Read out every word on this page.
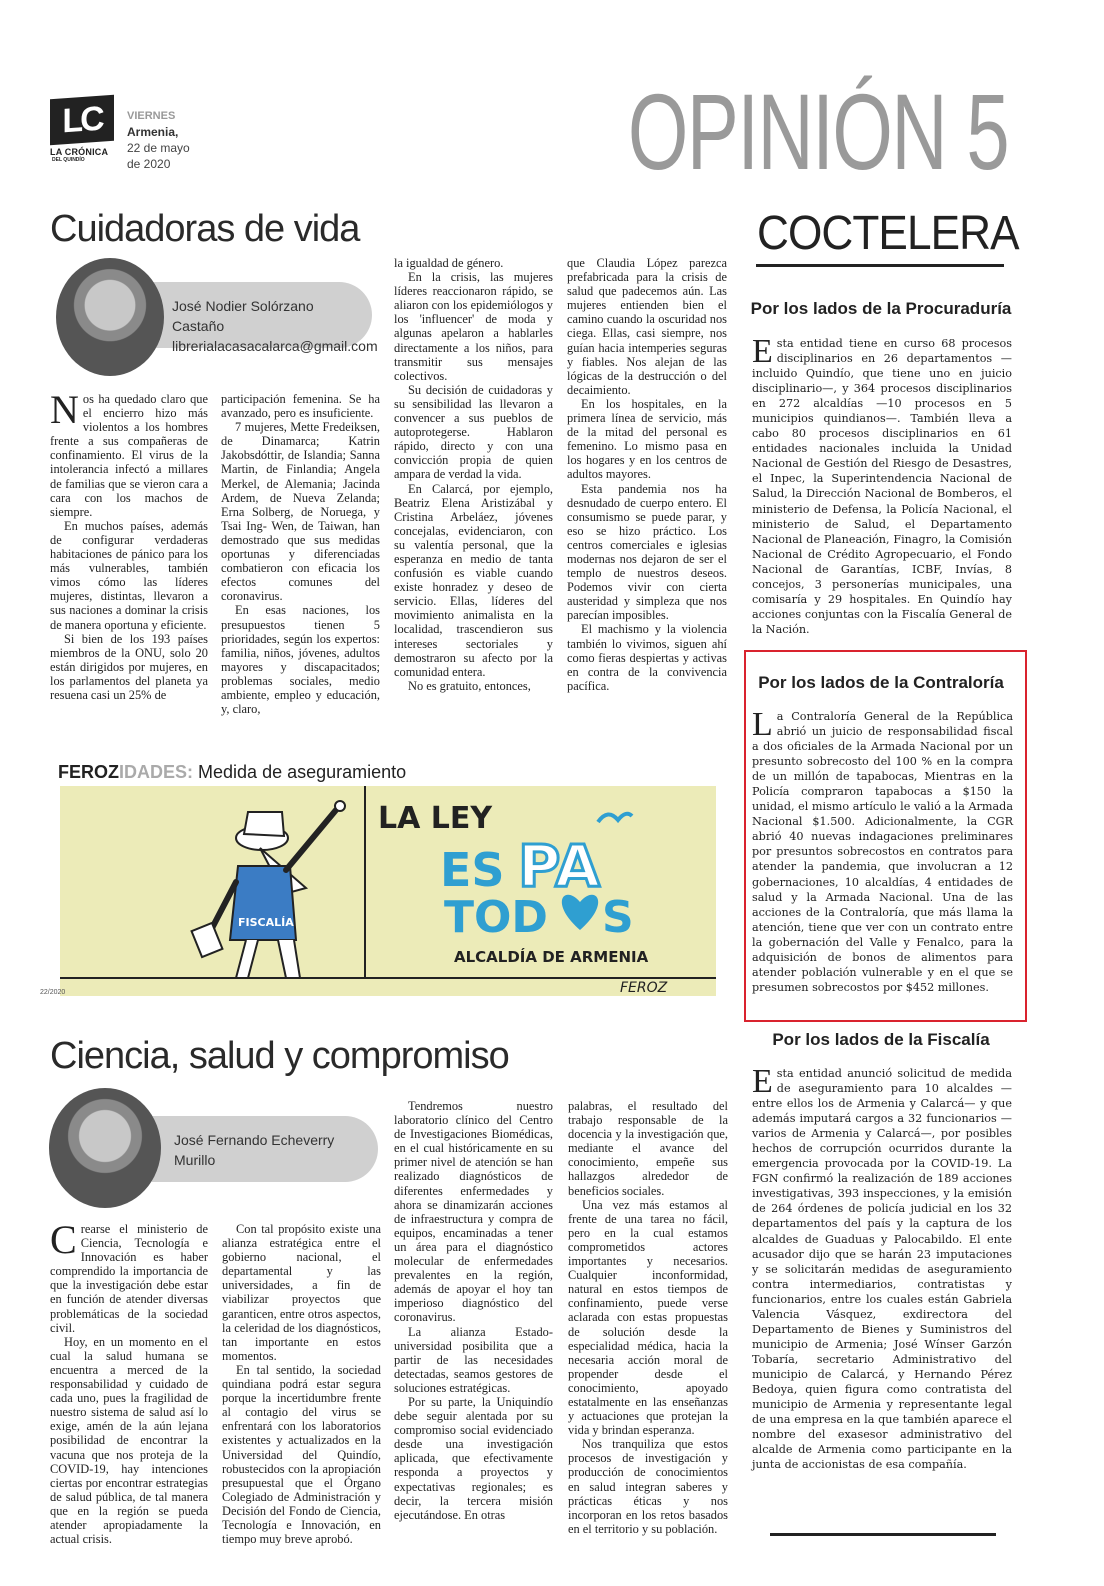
LC
LA CRÓNICA
DEL QUINDÍO
VIERNES
Armenia,
22 de mayo
de 2020	OPINIÓN 5
Cuidadoras de vida
José Nodier Solórzano Castaño
librerialacasacalarca@gmail.com

Nos ha quedado claro que el encierro hizo más violentos a los hombres frente a sus compañeras de confinamiento. El virus de la intolerancia infectó a millares de familias que se vieron cara a cara con los machos de siempre.

En muchos países, además de configurar verdaderas habitaciones de pánico para los más vulnerables, también vimos cómo las líderes mujeres, distintas, llevaron a sus naciones a dominar la crisis de manera oportuna y eficiente.

Si bien de los 193 países miembros de la ONU, solo 20 están dirigidos por mujeres, en los parlamentos del planeta ya resuena casi un 25% de

participación femenina. Se ha avanzado, pero es insuficiente.

7 mujeres, Mette Fredeiksen, de Dinamarca; Katrin Jakobsdóttir, de Islandia; Sanna Martin, de Finlandia; Angela Merkel, de Alemania; Jacinda Ardem, de Nueva Zelanda; Erna Solberg, de Noruega, y Tsai Ing- Wen, de Taiwan, han demostrado que sus medidas oportunas y diferenciadas combatieron con eficacia los efectos comunes del coronavirus.

En esas naciones, los presupuestos tienen 5 prioridades, según los expertos: familia, niños, jóvenes, adultos mayores y discapacitados; problemas sociales, medio ambiente, empleo y educación, y, claro,

la igualdad de género.

En la crisis, las mujeres líderes reaccionaron rápido, se aliaron con los epidemiólogos y los 'influencer' de moda y algunas apelaron a hablarles directamente a los niños, para transmitir sus mensajes colectivos.

Su decisión de cuidadoras y su sensibilidad las llevaron a convencer a sus pueblos de autoprotegerse. Hablaron rápido, directo y con una convicción propia de quien ampara de verdad la vida.

En Calarcá, por ejemplo, Beatriz Elena Aristizábal y Cristina Arbeláez, jóvenes concejalas, evidenciaron, con su valentía personal, que la esperanza en medio de tanta confusión es viable cuando existe honradez y deseo de servicio. Ellas, líderes del movimiento animalista en la localidad, trascendieron sus intereses sectoriales y demostraron su afecto por la comunidad entera.

No es gratuito, entonces,

que Claudia López parezca prefabricada para la crisis de salud que padecemos aún. Las mujeres entienden bien el camino cuando la oscuridad nos ciega. Ellas, casi siempre, nos guían hacia intemperies seguras y fiables. Nos alejan de las lógicas de la destrucción o del decaimiento.

En los hospitales, en la primera línea de servicio, más de la mitad del personal es femenino. Lo mismo pasa en los hogares y en los centros de adultos mayores.

Esta pandemia nos ha desnudado de cuerpo entero. El consumismo se puede parar, y eso se hizo práctico. Los centros comerciales e iglesias modernas nos dejaron de ser el templo de nuestros deseos. Podemos vivir con cierta austeridad y simpleza que nos parecían imposibles.

El machismo y la violencia también lo vivimos, siguen ahí como fieras despiertas y activas en contra de la convivencia pacífica.

FEROZIDADES: Medida de aseguramiento
LA LEY
ES PA
TOD S
ALCALDÍA DE ARMENIA
FEROZ
FISCALÍA
22/2020
Ciencia, salud y compromiso
José Fernando Echeverry Murillo

Crearse el ministerio de Ciencia, Tecnología e Innovación es haber comprendido la importancia de que la investigación debe estar en función de atender diversas problemáticas de la sociedad civil.

Hoy, en un momento en el cual la salud humana se encuentra a merced de la responsabilidad y cuidado de cada uno, pues la fragilidad de nuestro sistema de salud así lo exige, amén de la aún lejana posibilidad de encontrar la vacuna que nos proteja de la COVID-19, hay intenciones ciertas por encontrar estrategias de salud pública, de tal manera que en la región se pueda atender apropiadamente la actual crisis.

Con tal propósito existe una alianza estratégica entre el gobierno nacional, el departamental y las universidades, a fin de viabilizar proyectos que garanticen, entre otros aspectos, la celeridad de los diagnósticos, tan importante en estos momentos.

En tal sentido, la sociedad quindiana podrá estar segura porque la incertidumbre frente al contagio del virus se enfrentará con los laboratorios existentes y actualizados en la Universidad del Quindío, robustecidos con la apropiación presupuestal que el Órgano Colegiado de Administración y Decisión del Fondo de Ciencia, Tecnología e Innovación, en tiempo muy breve aprobó.

Tendremos nuestro laboratorio clínico del Centro de Investigaciones Biomédicas, en el cual históricamente en su primer nivel de atención se han realizado diagnósticos de diferentes enfermedades y ahora se dinamizarán acciones de infraestructura y compra de equipos, encaminadas a tener un área para el diagnóstico molecular de enfermedades prevalentes en la región, además de apoyar el hoy tan imperioso diagnóstico del coronavirus.

La alianza Estado-universidad posibilita que a partir de las necesidades detectadas, seamos gestores de soluciones estratégicas.

Por su parte, la Uniquindío debe seguir alentada por su compromiso social evidenciado desde una investigación aplicada, que efectivamente responda a proyectos y expectativas regionales; es decir, la tercera misión ejecutándose. En otras

palabras, el resultado del trabajo responsable de la docencia y la investigación que, mediante el avance del conocimiento, empeñe sus hallazgos alrededor de beneficios sociales.

Una vez más estamos al frente de una tarea no fácil, pero en la cual estamos comprometidos actores importantes y necesarios. Cualquier inconformidad, natural en estos tiempos de confinamiento, puede verse aclarada con estas propuestas de solución desde la especialidad médica, hacia la necesaria acción moral de propender desde el conocimiento, apoyado estatalmente en las enseñanzas y actuaciones que protejan la vida y brindan esperanza.

Nos tranquiliza que estos procesos de investigación y producción de conocimientos en salud integran saberes y prácticas éticas y nos incorporan en los retos basados en el territorio y su población.

COCTELERA
Por los lados de la Procuraduría
Esta entidad tiene en curso 68 procesos disciplinarios en 26 departamentos —incluido Quindío, que tiene uno en juicio disciplinario—, y 364 procesos disciplinarios en 272 alcaldías —10 procesos en 5 municipios quindianos—. También lleva a cabo 80 procesos disciplinarios en 61 entidades nacionales incluida la Unidad Nacional de Gestión del Riesgo de Desastres, el Inpec, la Superintendencia Nacional de Salud, la Dirección Nacional de Bomberos, el ministerio de Defensa, la Policía Nacional, el ministerio de Salud, el Departamento Nacional de Planeación, Finagro, la Comisión Nacional de Crédito Agropecuario, el Fondo Nacional de Garantías, ICBF, Invías, 8 concejos, 3 personerías municipales, una comisaría y 29 hospitales. En Quindío hay acciones conjuntas con la Fiscalía General de la Nación.
Por los lados de la Contraloría
La Contraloría General de la República abrió un juicio de responsabilidad fiscal a dos oficiales de la Armada Nacional por un presunto sobrecosto del 100 % en la compra de un millón de tapabocas, Mientras en la Policía compraron tapabocas a $150 la unidad, el mismo artículo le valió a la Armada Nacional $1.500. Adicionalmente, la CGR abrió 40 nuevas indagaciones preliminares por presuntos sobrecostos en contratos para atender la pandemia, que involucran a 12 gobernaciones, 10 alcaldías, 4 entidades de salud y la Armada Nacional. Una de las acciones de la Contraloría, que más llama la atención, tiene que ver con un contrato entre la gobernación del Valle y Fenalco, para la adquisición de bonos de alimentos para atender población vulnerable y en el que se presumen sobrecostos por $452 millones.
Por los lados de la Fiscalía
Esta entidad anunció solicitud de medida de aseguramiento para 10 alcaldes —entre ellos los de Armenia y Calarcá— y que además imputará cargos a 32 funcionarios —varios de Armenia y Calarcá—, por posibles hechos de corrupción ocurridos durante la emergencia provocada por la COVID-19. La FGN confirmó la realización de 189 acciones investigativas, 393 inspecciones, y la emisión de 264 órdenes de policía judicial en los 32 departamentos del país y la captura de los alcaldes de Guaduas y Palocabildo. El ente acusador dijo que se harán 23 imputaciones y se solicitarán medidas de aseguramiento contra intermediarios, contratistas y funcionarios, entre los cuales están Gabriela Valencia Vásquez, exdirectora del Departamento de Bienes y Suministros del municipio de Armenia; José Wínser Garzón Tobaría, secretario Administrativo del municipio de Calarcá, y Hernando Pérez Bedoya, quien figura como contratista del municipio de Armenia y representante legal de una empresa en la que también aparece el nombre del exasesor administrativo del alcalde de Armenia como participante en la junta de accionistas de esa compañía.
